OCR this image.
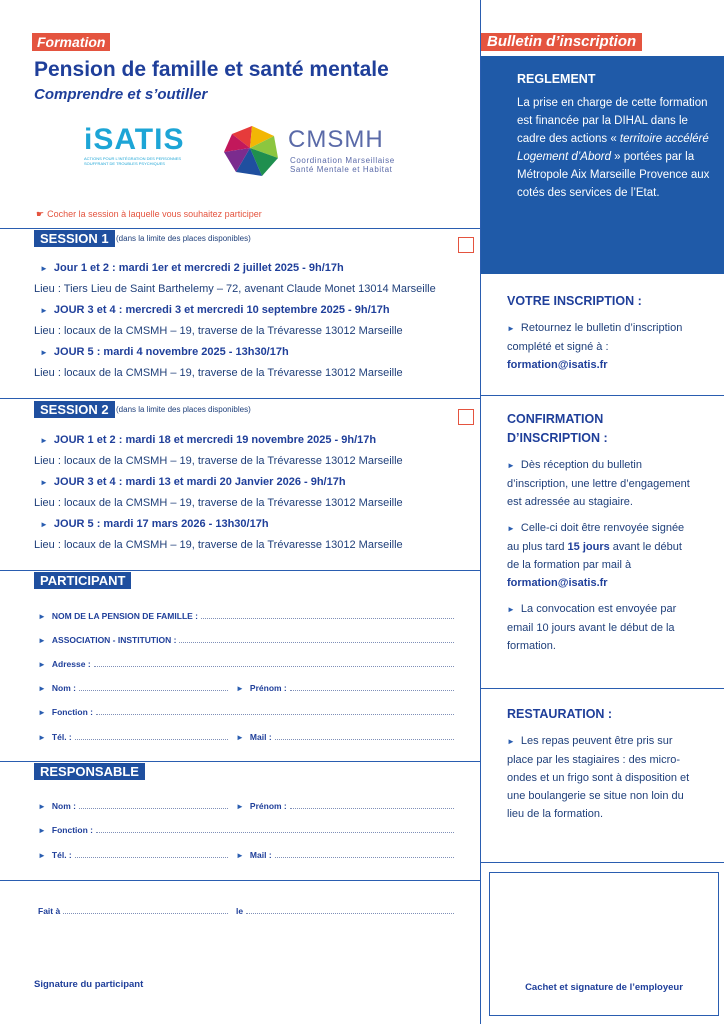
Formation
Pension de famille et santé mentale
Comprendre et s’outiller
iSATIS
ACTIONS POUR L’INTÉGRATION DES PERSONNES
SOUFFRANT DE TROUBLES PSYCHIQUES
CMSMH
Coordination Marseillaise
Santé Mentale et Habitat
☛ Cocher la session à laquelle vous souhaitez participer
SESSION 1 (dans la limite des places disponibles)
► Jour 1 et 2 : mardi 1er et mercredi 2 juillet 2025 - 9h/17h
Lieu : Tiers Lieu de Saint Barthelemy – 72, avenant Claude Monet 13014 Marseille
► JOUR 3 et 4 : mercredi 3 et mercredi 10 septembre 2025 - 9h/17h
Lieu : locaux de la CMSMH – 19, traverse de la Trévaresse 13012 Marseille
► JOUR 5 : mardi 4 novembre 2025 - 13h30/17h
Lieu : locaux de la CMSMH – 19, traverse de la Trévaresse 13012 Marseille
SESSION 2 (dans la limite des places disponibles)
► JOUR 1 et 2 : mardi 18 et mercredi 19 novembre 2025 - 9h/17h
Lieu : locaux de la CMSMH – 19, traverse de la Trévaresse 13012 Marseille
► JOUR 3 et 4 : mardi 13 et mardi 20 Janvier 2026 - 9h/17h
Lieu : locaux de la CMSMH – 19, traverse de la Trévaresse 13012 Marseille
► JOUR 5 : mardi 17 mars 2026 - 13h30/17h
Lieu : locaux de la CMSMH – 19, traverse de la Trévaresse 13012 Marseille
PARTICIPANT
► NOM DE LA PENSION DE FAMILLE :
► ASSOCIATION - INSTITUTION :
► Adresse :
► Nom :	► Prénom :
► Fonction :
► Tél. :	► Mail :
RESPONSABLE
► Nom :	► Prénom :
► Fonction :
► Tél. :	► Mail :
Fait à	le
Signature du participant
Bulletin d’inscription
REGLEMENT
La prise en charge de cette formation est financée par la DIHAL dans le cadre des actions « territoire accéléré Logement d’Abord » portées par la Métropole Aix Marseille Provence aux cotés des services de l’Etat.
VOTRE INSCRIPTION :
► Retournez le bulletin d’inscription complété et signé à :
formation@isatis.fr
CONFIRMATION
D’INSCRIPTION :
► Dès réception du bulletin d’inscription, une lettre d’engagement est adressée au stagiaire.
► Celle-ci doit être renvoyée signée au plus tard 15 jours avant le début de la formation par mail à formation@isatis.fr
► La convocation est envoyée par email 10 jours avant le début de la formation.
RESTAURATION :
► Les repas peuvent être pris sur place par les stagiaires : des micro-ondes et un frigo sont à disposition et une boulangerie se situe non loin du lieu de la formation.
Cachet et signature de l’employeur
